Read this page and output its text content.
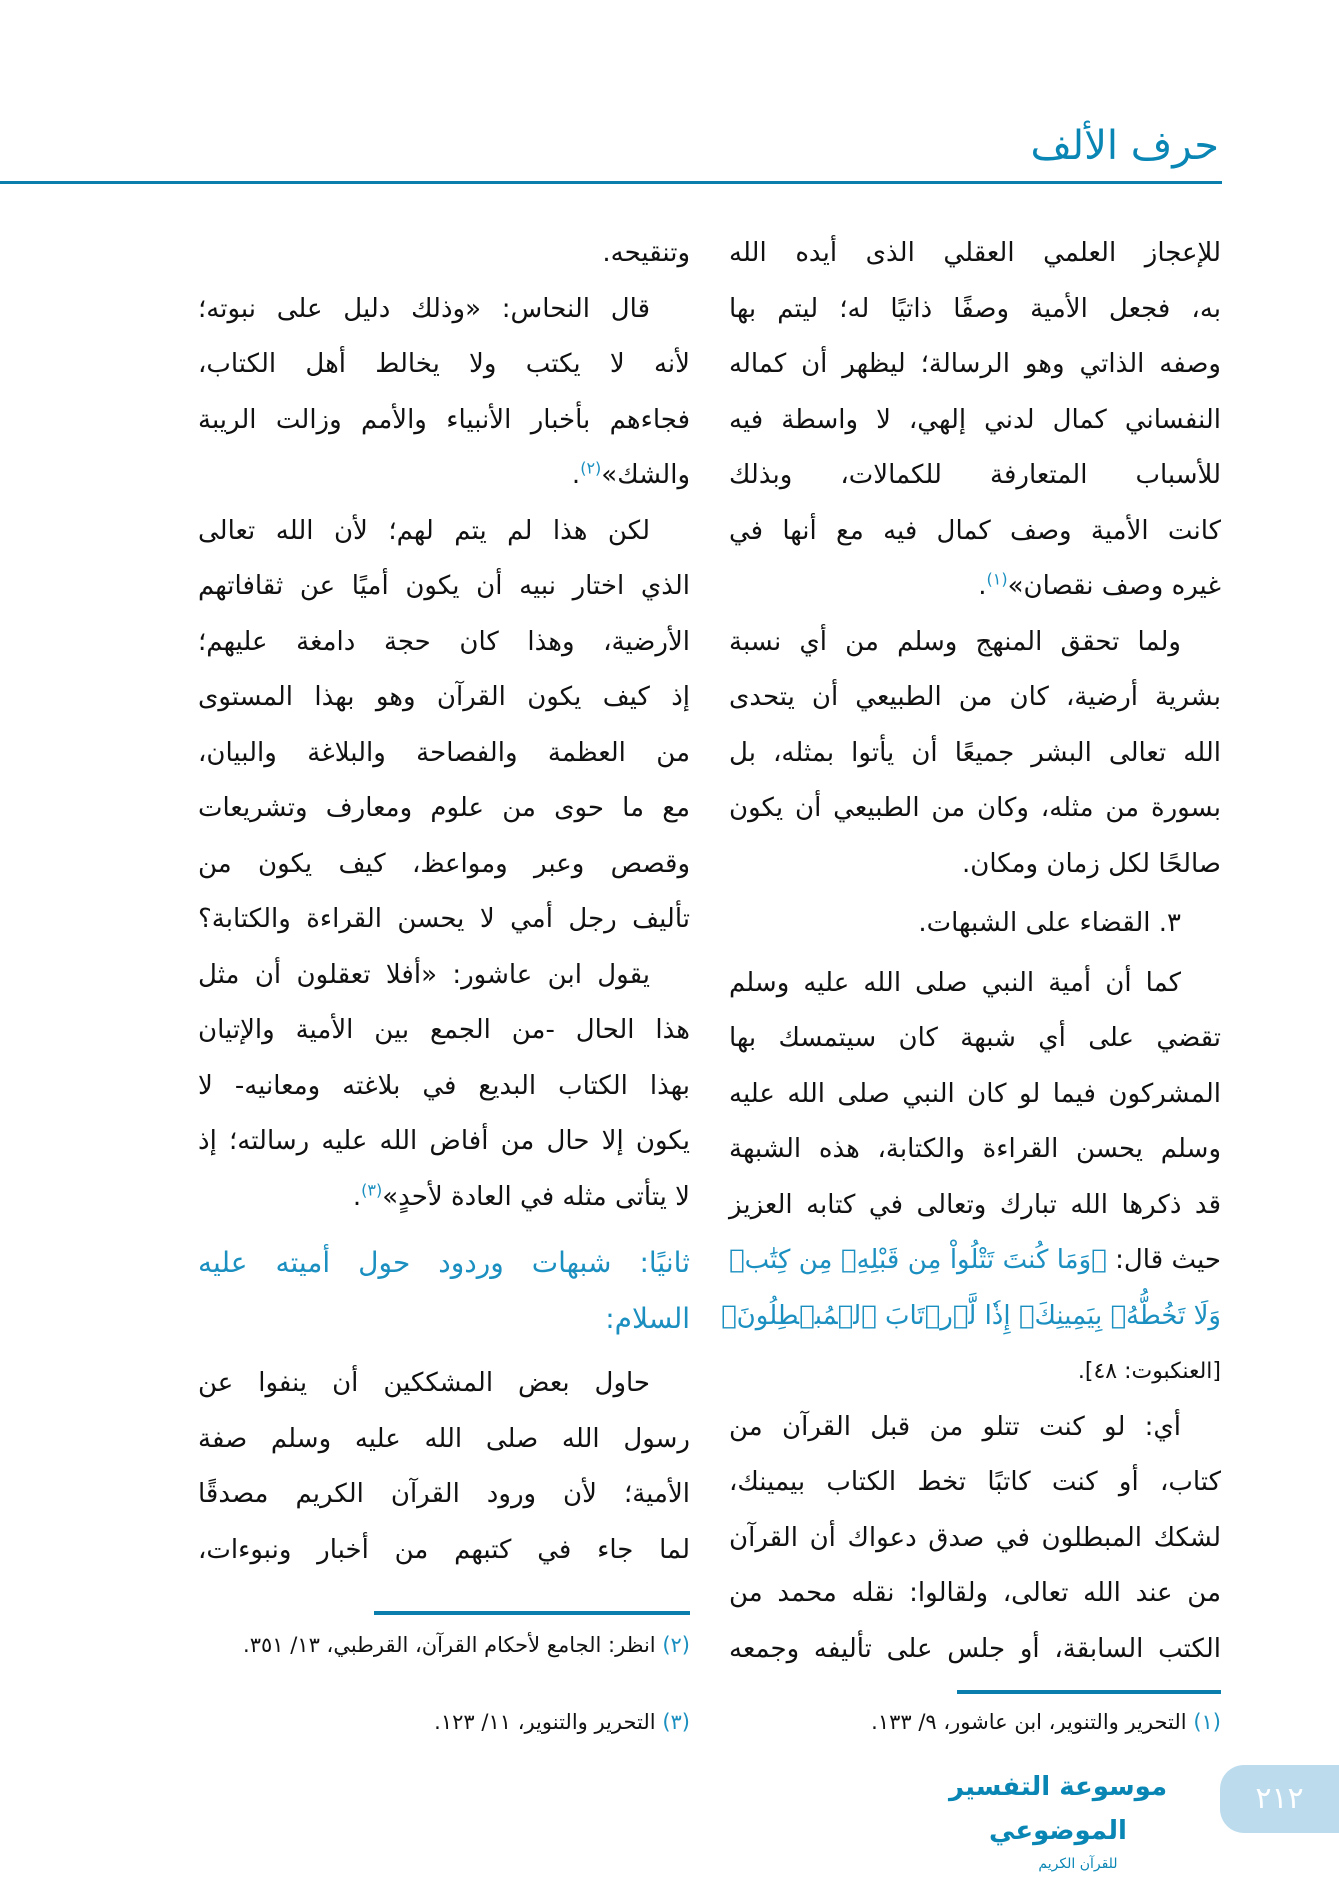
حرف الألف
للإعجاز العلمي العقلي الذى أيده الله
به، فجعل الأمية وصفًا ذاتيًا له؛ ليتم بها
وصفه الذاتي وهو الرسالة؛ ليظهر أن كماله
النفساني كمال لدني إلهي، لا واسطة فيه
للأسباب المتعارفة للكمالات، وبذلك
كانت الأمية وصف كمال فيه مع أنها في
غيره وصف نقصان»$^{(١)}$.
ولما تحقق المنهج وسلم من أي نسبة
بشرية أرضية، كان من الطبيعي أن يتحدى
الله تعالى البشر جميعًا أن يأتوا بمثله، بل
بسورة من مثله، وكان من الطبيعي أن يكون
صالحًا لكل زمان ومكان.
٣. القضاء على الشبهات.
كما أن أمية النبي صلى الله عليه وسلم
تقضي على أي شبهة كان سيتمسك بها
المشركون فيما لو كان النبي صلى الله عليه
وسلم يحسن القراءة والكتابة، هذه الشبهة
قد ذكرها الله تبارك وتعالى في كتابه العزيز
حيث قال: ﴿وَمَا كُنتَ تَتْلُواْ مِن قَبْلِهِۦ مِن كِتَٰبٖ
وَلَا تَخُطُّهُۥ بِيَمِينِكَۖ إِذٗا لَّٱرۡتَابَ ٱلۡمُبۡطِلُونَ﴾
[العنكبوت: ٤٨].
أي: لو كنت تتلو من قبل القرآن من
كتاب، أو كنت كاتبًا تخط الكتاب بيمينك،
لشكك المبطلون في صدق دعواك أن القرآن
من عند الله تعالى، ولقالوا: نقله محمد من
الكتب السابقة، أو جلس على تأليفه وجمعه
وتنقيحه.
قال النحاس: «وذلك دليل على نبوته؛
لأنه لا يكتب ولا يخالط أهل الكتاب،
فجاءهم بأخبار الأنبياء والأمم وزالت الريبة
والشك»$^{(٢)}$.
لكن هذا لم يتم لهم؛ لأن الله تعالى
الذي اختار نبيه أن يكون أميًا عن ثقافاتهم
الأرضية، وهذا كان حجة دامغة عليهم؛
إذ كيف يكون القرآن وهو بهذا المستوى
من العظمة والفصاحة والبلاغة والبيان،
مع ما حوى من علوم ومعارف وتشريعات
وقصص وعبر ومواعظ، كيف يكون من
تأليف رجل أمي لا يحسن القراءة والكتابة؟
يقول ابن عاشور: «أفلا تعقلون أن مثل
هذا الحال -من الجمع بين الأمية والإتيان
بهذا الكتاب البديع في بلاغته ومعانيه- لا
يكون إلا حال من أفاض الله عليه رسالته؛ إذ
لا يتأتى مثله في العادة لأحدٍ»$^{(٣)}$.
ثانيًا: شبهات وردود حول أميته عليه
السلام:
حاول بعض المشككين أن ينفوا عن
رسول الله صلى الله عليه وسلم صفة
الأمية؛ لأن ورود القرآن الكريم مصدقًا
لما جاء في كتبهم من أخبار ونبوءات،
(٢) انظر: الجامع لأحكام القرآن، القرطبي، ١٣/ ٣٥١.
(٣) التحرير والتنوير، ١١/ ١٢٣.	(١) التحرير والتنوير، ابن عاشور، ٩/ ١٣٣.
موسوعة التفسير الموضوعي
للقرآن الكريم
٢١٢
